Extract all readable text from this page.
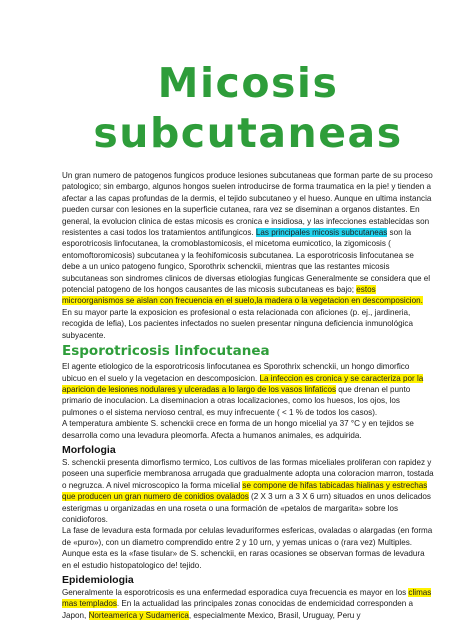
Micosis
subcutaneas

Un gran numero de patogenos fungicos produce lesiones subcutaneas que forman parte de su proceso patologico; sin embargo, algunos hongos suelen introducirse de forma traumatica en la pie! y tienden a afectar a las capas profundas de la dermis, el tejido subcutaneo y el hueso. Aunque en ultima instancia pueden cursar con lesiones en la superficie cutanea, rara vez se diseminan a organos distantes. En general, la evolucion clinica de estas micosis es cronica e insidiosa, y las infecciones establecidas son resistentes a casi todos los tratamientos antifungicos. Las principales micosis subcutaneas son la esporotricosis linfocutanea, la cromoblastomicosis, el micetoma eumicotico, la zigomicosis ( entomoftoromicosis) subcutanea y la feohifomicosis subcutanea. La esporotricosis linfocutanea se debe a un unico patogeno fungico, Sporothrix schenckii, mientras que las restantes micosis subcutaneas son sindromes clinicos de diversas etiologias fungicas Generalmente se considera que el potencial patogeno de los hongos causantes de las micosis subcutaneas es bajo; estos microorganismos se aislan con frecuencia en el suelo,la madera o la vegetacion en descomposicion. En su mayor parte la exposicion es profesional o esta relacionada con aficiones (p. ej., jardineria, recogida de lefia), Los pacientes infectados no suelen presentar ninguna deficiencia inmunológica subyacente.

Esporotricosis linfocutanea

El agente etiologico de la esporotricosis linfocutanea es Sporothrix schenckii, un hongo dimorfico ubicuo en el suelo y la vegetacion en descomposicion. La infeccion es cronica y se caracteriza por la aparicion de lesiones nodulares y ulceradas a lo largo de los vasos linfaticos que drenan el punto primario de inoculacion. La diseminacion a otras localizaciones, como los huesos, los ojos, los pulmones o el sistema nervioso central, es muy infrecuente ( < 1 % de todos los casos).

A temperatura ambiente S. schenckii crece en forma de un hongo micelial ya 37 °C y en tejidos se desarrolla como una levadura pleomorfa. Afecta a humanos animales, es adquirida.

Morfologia

S. schenckii presenta dimorfismo termico, Los cultivos de las formas miceliales proliferan con rapidez y poseen una superficie membranosa arrugada que gradualmente adopta una coloracion marron, tostada o negruzca. A nivel microscopico la forma micelial se compone de hifas tabicadas hialinas y estrechas que producen un gran numero de conidios ovalados (2 X 3 urn a 3 X 6 urn) situados en unos delicados esterigmas u organizadas en una roseta o una formación de «petalos de margarita» sobre los conidioforos.

La fase de levadura esta formada por celulas levaduriformes esfericas, ovaladas o alargadas (en forma de «puro»), con un diametro comprendido entre 2 y 10 urn, y yemas unicas o (rara vez) Multiples.

Aunque esta es la «fase tisular» de S. schenckii, en raras ocasiones se observan formas de levadura en el estudio histopatologico de! tejido.

Epidemiologia

Generalmente la esporotricosis es una enfermedad esporadica cuya frecuencia es mayor en los climas mas templados. En la actualidad las principales zonas conocidas de endemicidad corresponden a Japon, Norteamerica y Sudamerica, especialmente Mexico, Brasil, Uruguay, Peru y
